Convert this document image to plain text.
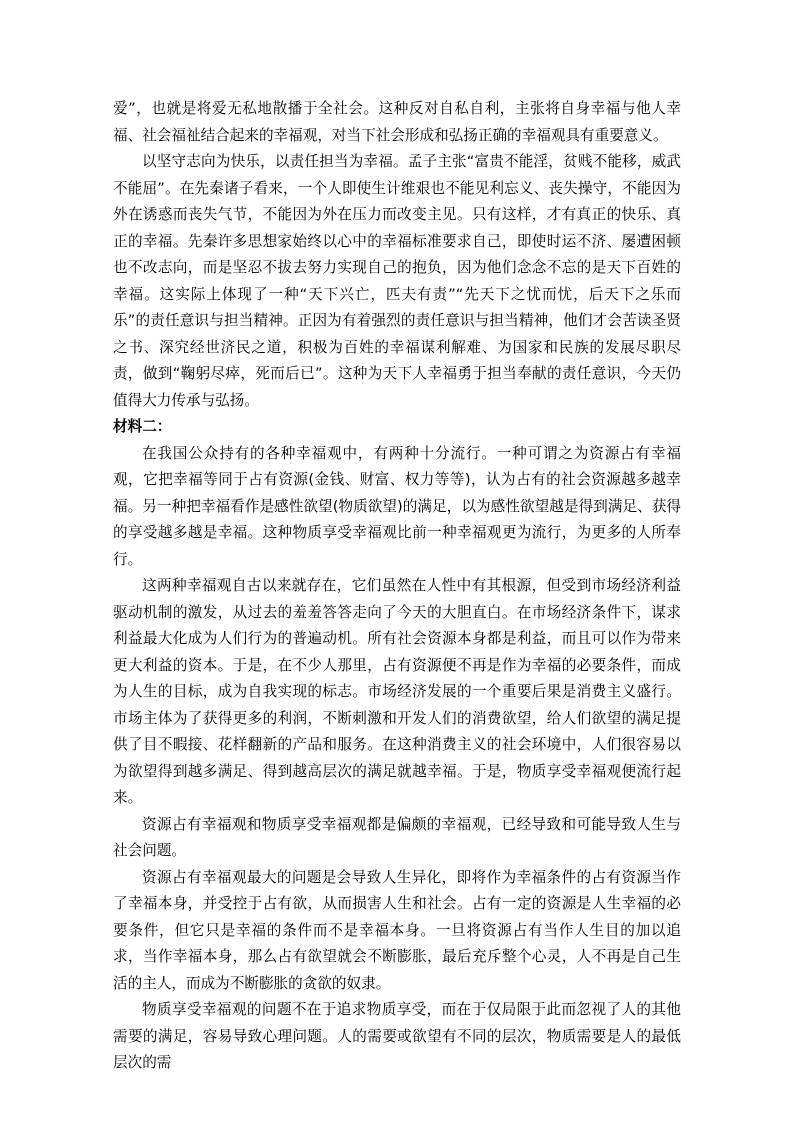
爱”，也就是将爱无私地散播于全社会。这种反对自私自利，主张将自身幸福与他人幸福、社会福祉结合起来的幸福观，对当下社会形成和弘扬正确的幸福观具有重要意义。

以坚守志向为快乐，以责任担当为幸福。孟子主张“富贵不能淫，贫贱不能移，威武不能屈”。在先秦诸子看来，一个人即使生计维艰也不能见利忘义、丧失操守，不能因为外在诱惑而丧失气节，不能因为外在压力而改变主见。只有这样，才有真正的快乐、真正的幸福。先秦许多思想家始终以心中的幸福标准要求自己，即使时运不济、屡遭困顿也不改志向，而是坚忍不拔去努力实现自己的抱负，因为他们念念不忘的是天下百姓的幸福。这实际上体现了一种“天下兴亡，匹夫有责”“先天下之忧而忧，后天下之乐而乐”的责任意识与担当精神。正因为有着强烈的责任意识与担当精神，他们才会苦读圣贤之书、深究经世济民之道，积极为百姓的幸福谋利解难、为国家和民族的发展尽职尽责，做到“鞠躬尽瘁，死而后已”。这种为天下人幸福勇于担当奉献的责任意识，今天仍值得大力传承与弘扬。

材料二：

在我国公众持有的各种幸福观中，有两种十分流行。一种可谓之为资源占有幸福观，它把幸福等同于占有资源(金钱、财富、权力等等)，认为占有的社会资源越多越幸福。另一种把幸福看作是感性欲望(物质欲望)的满足，以为感性欲望越是得到满足、获得的享受越多越是幸福。这种物质享受幸福观比前一种幸福观更为流行，为更多的人所奉行。

这两种幸福观自古以来就存在，它们虽然在人性中有其根源，但受到市场经济利益驱动机制的激发，从过去的羞羞答答走向了今天的大胆直白。在市场经济条件下，谋求利益最大化成为人们行为的普遍动机。所有社会资源本身都是利益，而且可以作为带来更大利益的资本。于是，在不少人那里，占有资源便不再是作为幸福的必要条件，而成为人生的目标，成为自我实现的标志。市场经济发展的一个重要后果是消费主义盛行。市场主体为了获得更多的利润，不断刺激和开发人们的消费欲望，给人们欲望的满足提供了目不暇接、花样翻新的产品和服务。在这种消费主义的社会环境中，人们很容易以为欲望得到越多满足、得到越高层次的满足就越幸福。于是，物质享受幸福观便流行起来。

资源占有幸福观和物质享受幸福观都是偏颇的幸福观，已经导致和可能导致人生与社会问题。

资源占有幸福观最大的问题是会导致人生异化，即将作为幸福条件的占有资源当作了幸福本身，并受控于占有欲，从而损害人生和社会。占有一定的资源是人生幸福的必要条件，但它只是幸福的条件而不是幸福本身。一旦将资源占有当作人生目的加以追求，当作幸福本身，那么占有欲望就会不断膨胀，最后充斥整个心灵，人不再是自己生活的主人，而成为不断膨胀的贪欲的奴隶。

物质享受幸福观的问题不在于追求物质享受，而在于仅局限于此而忽视了人的其他需要的满足，容易导致心理问题。人的需要或欲望有不同的层次，物质需要是人的最低层次的需
